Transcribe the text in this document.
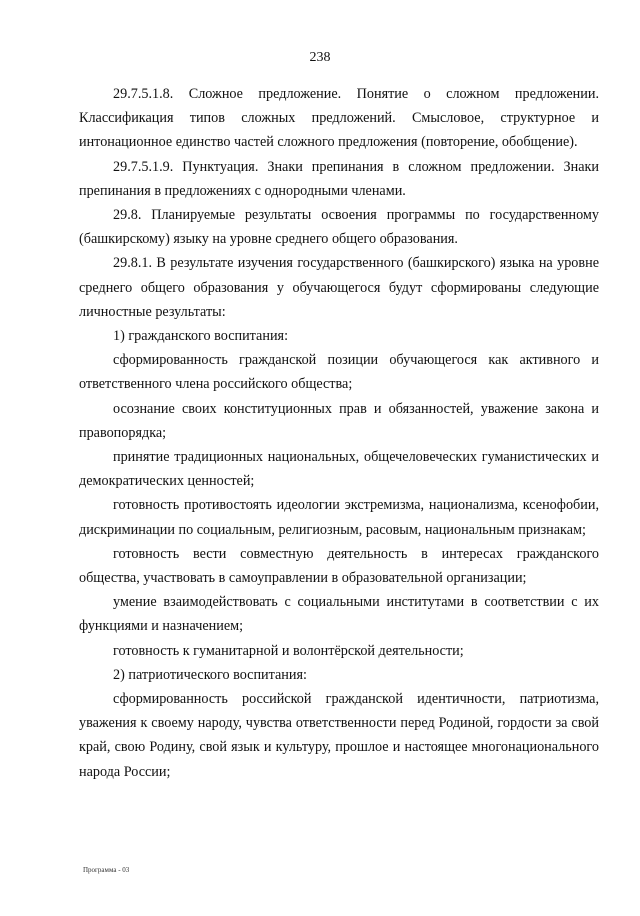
238

29.7.5.1.8. Сложное предложение. Понятие о сложном предложении. Классификация типов сложных предложений. Смысловое, структурное и интонационное единство частей сложного предложения (повторение, обобщение).

29.7.5.1.9. Пунктуация. Знаки препинания в сложном предложении. Знаки препинания в предложениях с однородными членами.

29.8. Планируемые результаты освоения программы по государственному (башкирскому) языку на уровне среднего общего образования.

29.8.1. В результате изучения государственного (башкирского) языка на уровне среднего общего образования у обучающегося будут сформированы следующие личностные результаты:

1) гражданского воспитания:

сформированность гражданской позиции обучающегося как активного и ответственного члена российского общества;

осознание своих конституционных прав и обязанностей, уважение закона и правопорядка;

принятие традиционных национальных, общечеловеческих гуманистических и демократических ценностей;

готовность противостоять идеологии экстремизма, национализма, ксенофобии, дискриминации по социальным, религиозным, расовым, национальным признакам;

готовность вести совместную деятельность в интересах гражданского общества, участвовать в самоуправлении в образовательной организации;

умение взаимодействовать с социальными институтами в соответствии с их функциями и назначением;

готовность к гуманитарной и волонтёрской деятельности;

2) патриотического воспитания:

сформированность российской гражданской идентичности, патриотизма, уважения к своему народу, чувства ответственности перед Родиной, гордости за свой край, свою Родину, свой язык и культуру, прошлое и настоящее многонационального народа России;

Программа - 03
